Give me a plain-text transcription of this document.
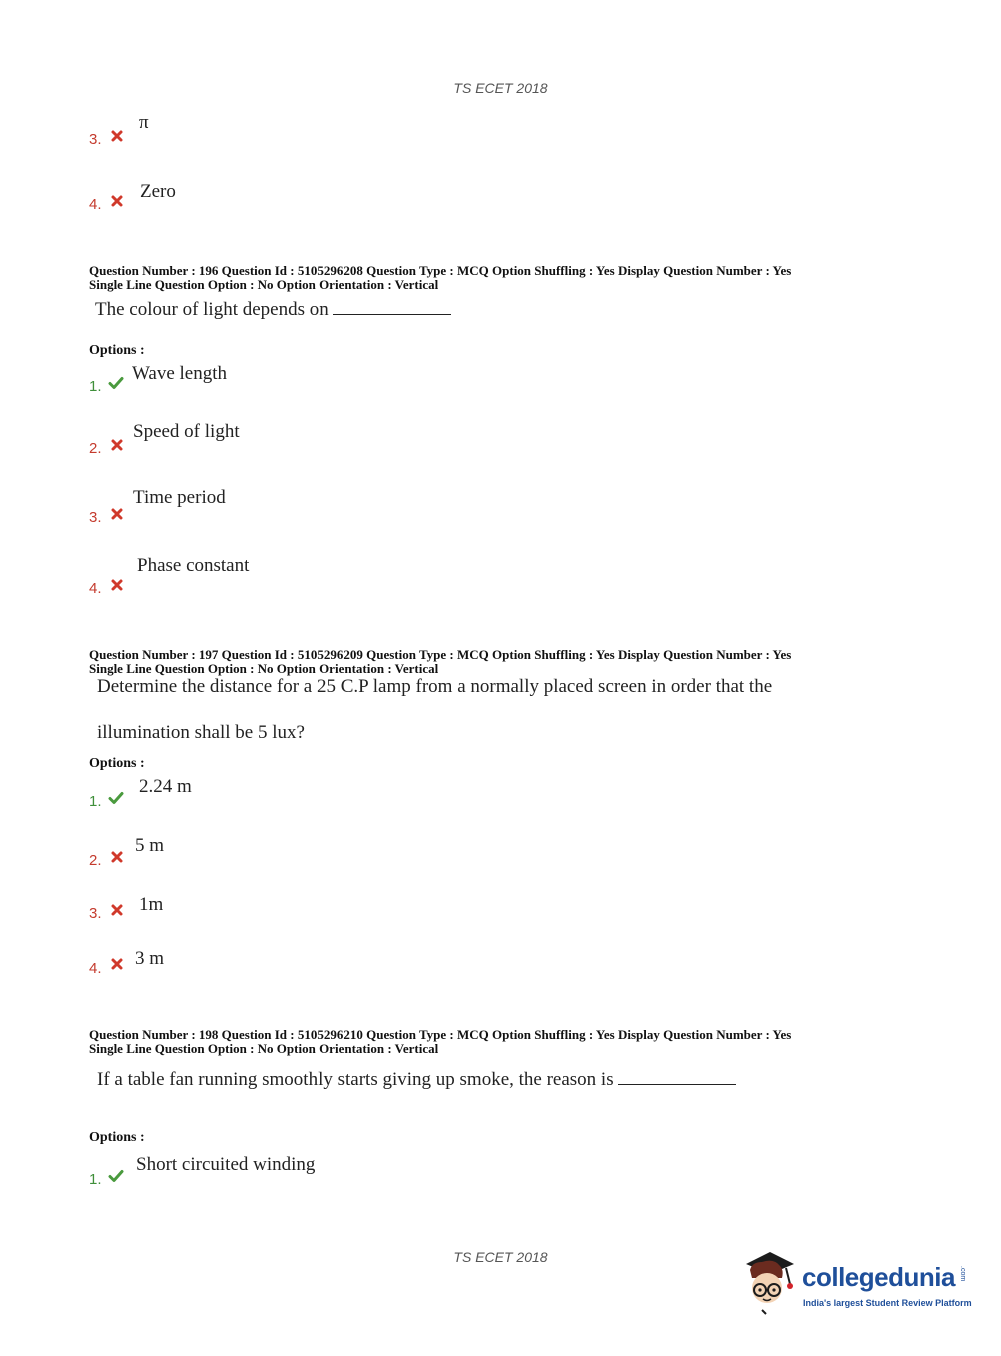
TS ECET 2018
3.
π
4.
Zero
Question Number : 196 Question Id : 5105296208 Question Type : MCQ Option Shuffling : Yes Display Question Number : Yes
Single Line Question Option : No Option Orientation : Vertical
The colour of light depends on
Options :
1.
Wave length
2.
Speed of light
3.
Time period
4.
Phase constant
Question Number : 197 Question Id : 5105296209 Question Type : MCQ Option Shuffling : Yes Display Question Number : Yes
Single Line Question Option : No Option Orientation : Vertical
Determine the distance for a 25 C.P lamp from a normally placed screen in order that the
illumination shall be 5 lux?
Options :
1.
2.24 m
2.
5 m
3. 1m
4. 3 m
Question Number : 198 Question Id : 5105296210 Question Type : MCQ Option Shuffling : Yes Display Question Number : Yes
Single Line Question Option : No Option Orientation : Vertical
If a table fan running smoothly starts giving up smoke, the reason is
Options :
1.
Short circuited winding
TS ECET 2018
collegedunia .com
India's largest Student Review Platform
